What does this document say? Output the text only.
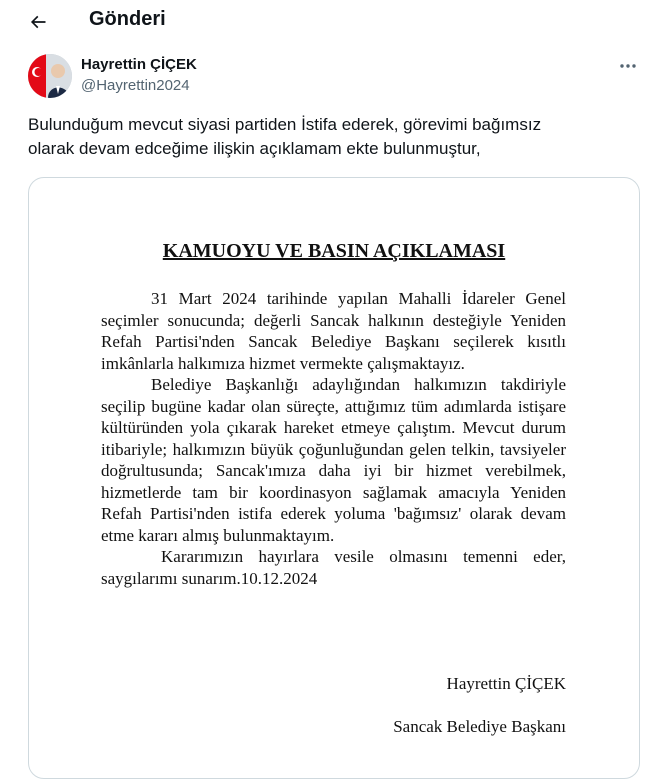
Gönderi
Hayrettin ÇİÇEK
@Hayrettin2024
Bulunduğum mevcut siyasi partiden İstifa ederek, görevimi bağımsız
olarak devam edceğime ilişkin açıklamam ekte bulunmuştur,
KAMUOYU VE BASIN AÇIKLAMASI

31 Mart 2024 tarihinde yapılan Mahalli İdareler Genel seçimler sonucunda; değerli Sancak halkının desteğiyle Yeniden Refah Partisi'nden Sancak Belediye Başkanı seçilerek kısıtlı imkânlarla halkımıza hizmet vermekte çalışmaktayız.

Belediye Başkanlığı adaylığından halkımızın takdiriyle seçilip bugüne kadar olan süreçte, attığımız tüm adımlarda istişare kültüründen yola çıkarak hareket etmeye çalıştım. Mevcut durum itibariyle; halkımızın büyük çoğunluğundan gelen telkin, tavsiyeler doğrultusunda; Sancak'ımıza daha iyi bir hizmet verebilmek, hizmetlerde tam bir koordinasyon sağlamak amacıyla Yeniden Refah Partisi'nden istifa ederek yoluma 'bağımsız' olarak devam etme kararı almış bulunmaktayım.

Kararımızın hayırlara vesile olmasını temenni eder, saygılarımı sunarım.10.12.2024

Hayrettin ÇİÇEK
Sancak Belediye Başkanı
